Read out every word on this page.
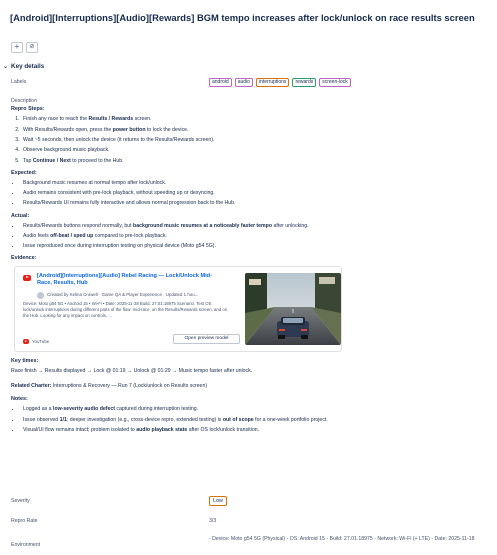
[Android][Interruptions][Audio][Rewards] BGM tempo increases after lock/unlock on race results screen
+ ⊘
⌄ Key details
Labels	android	audio	interruptions	rewards	screen-lock
Description
Repro Steps:
1. Finish any race to reach the Results / Rewards screen.
2. With Results/Rewards open, press the power button to lock the device.
3. Wait ~5 seconds, then unlock the device (it returns to the Results/Rewards screen).
4. Observe background music playback.
5. Tap Continue / Next to proceed to the Hub.
Expected:
• Background music resumes at normal tempo after lock/unlock.
• Audio remains consistent with pre-lock playback, without speeding up or desyncing.
• Results/Rewards UI remains fully interactive and allows normal progression back to the Hub.
Actual:
• Results/Rewards buttons respond normally, but background music resumes at a noticeably faster tempo after unlocking.
• Audio feels off-beat / sped up compared to pre-lock playback.
• Issue reproduced once during interruption testing on physical device (Moto g54 5G).
Evidence:
[Android][Interruptions][Audio] Rebel Racing — Lock/Unlock Mid-Race, Results, Hub
Created by Kelina Crowell · Game QA & Player Experience · Updated 1 hou...
Device: Moto g54 5G • Android 15 • Wi-Fi • Date: 2025-11-28 Build: 27.01.18975 Scenario: Test OS lock/unlock interruptions during different parts of the flow: mid-race, on the Results/Rewards screen, and on the Hub. Looking for any impact on controls, ...
YouTube
Open preview model
Key times:

Race finish → Results displayed → Lock @ 01:19 → Unlock @ 01:29 → Music tempo faster after unlock.

Related Charter: Interruptions & Recovery — Run 7 (Lock/unlock on Results screen)

Notes:
• Logged as a low-severity audio defect captured during interruption testing.
• Issue observed 1/1; deeper investigation (e.g., cross-device repro, extended testing) is out of scope for a one-week portfolio project.
• Visual/UI flow remains intact; problem isolated to audio playback state after OS lock/unlock transition.
Severity	Low
Repro Rate	3/3
Environment
- Device: Moto g54 5G (Physical) - OS: Android 15 - Build: 27.01.18975 - Network: Wi-Fi (+ LTE) - Date: 2025-11-18
